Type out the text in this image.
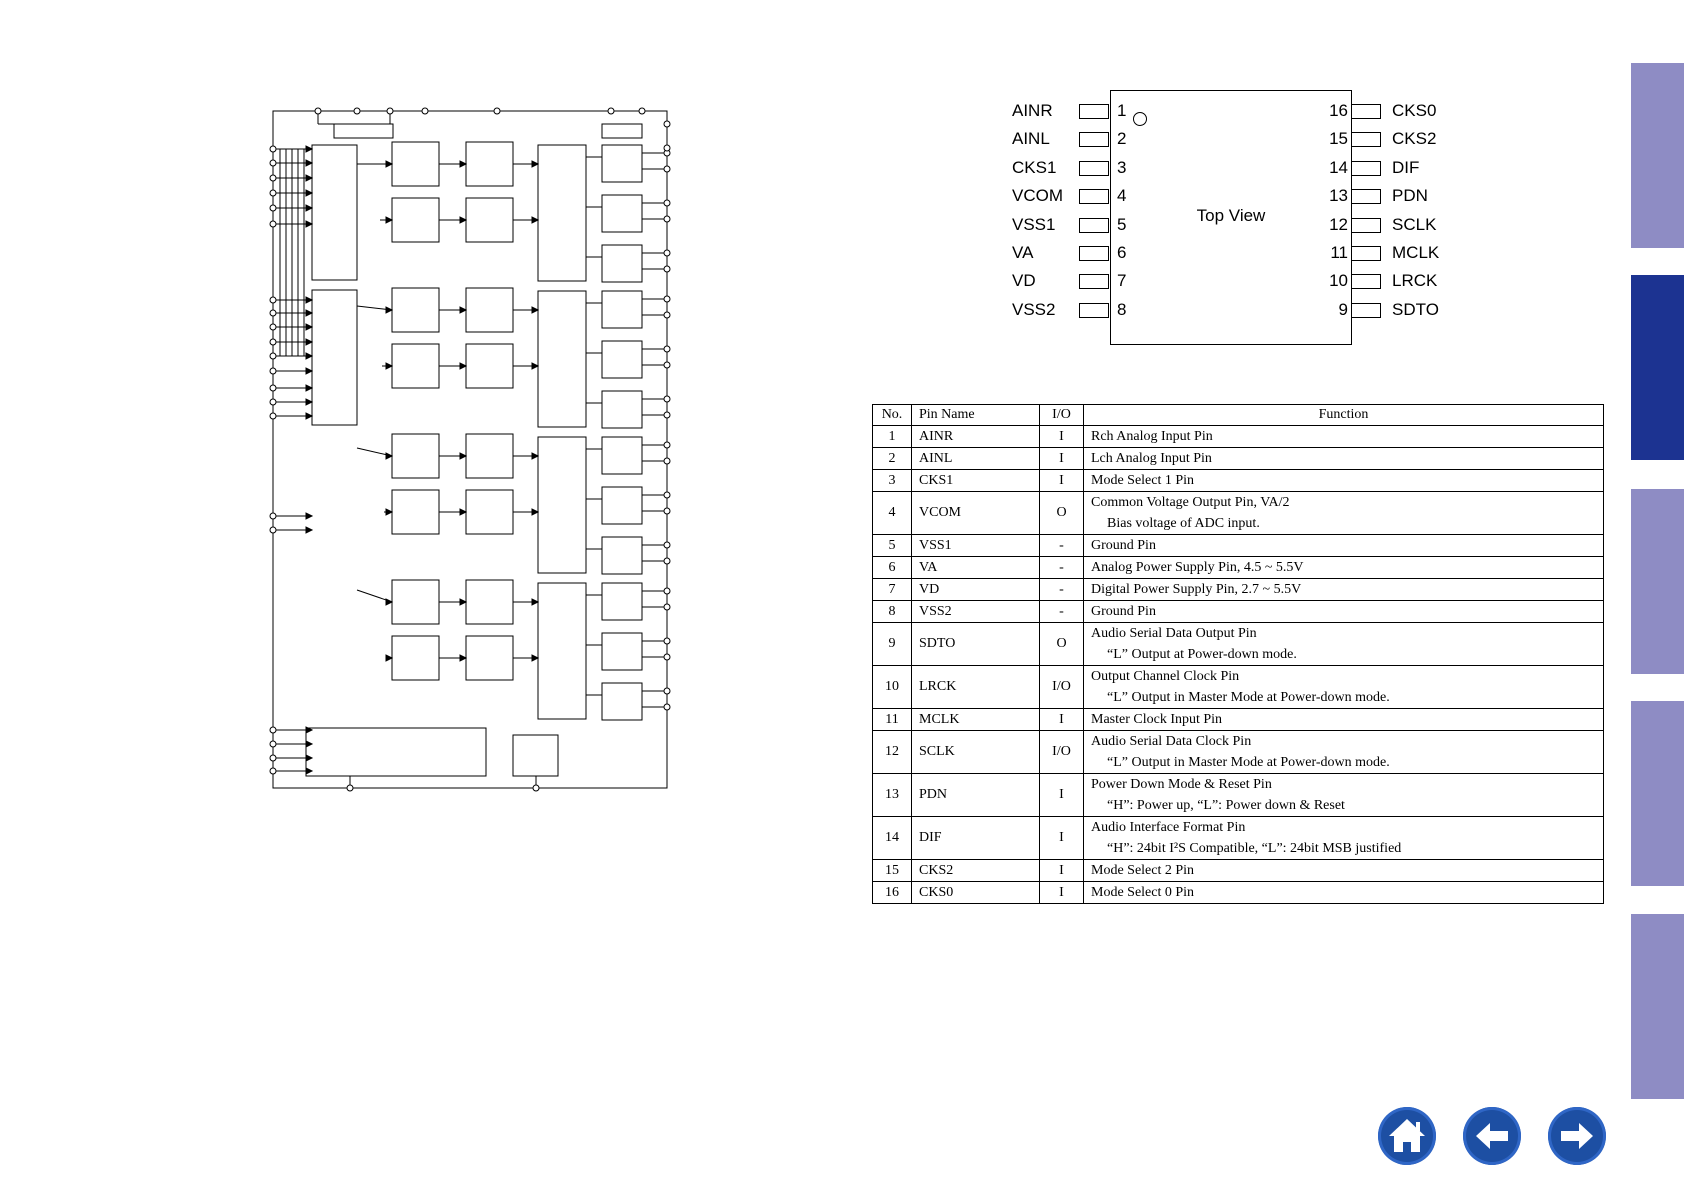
Top View
AINR	1
AINL	2
CKS1	3
VCOM	4
VSS1	5
VA	6
VD	7
VSS2	8
CKS0
16
CKS2
15
DIF
14
PDN
13
SCLK
12
MCLK
11
LRCK
10
SDTO
9
No.	Pin Name	I/O	Function
1	AINR	I	Rch Analog Input Pin
2	AINL	I	Lch Analog Input Pin
3	CKS1	I	Mode Select 1 Pin
4	VCOM	O	Common Voltage Output Pin, VA/2
Bias voltage of ADC input.

5	VSS1	-	Ground Pin
6	VA	-	Analog Power Supply Pin, 4.5 ~ 5.5V
7	VD	-	Digital Power Supply Pin, 2.7 ~ 5.5V
8	VSS2	-	Ground Pin
9	SDTO	O	Audio Serial Data Output Pin
“L” Output at Power-down mode.

10	LRCK	I/O	Output Channel Clock Pin
“L” Output in Master Mode at Power-down mode.

11	MCLK	I	Master Clock Input Pin
12	SCLK	I/O	Audio Serial Data Clock Pin
“L” Output in Master Mode at Power-down mode.

13	PDN	I	Power Down Mode & Reset Pin
“H”: Power up, “L”: Power down & Reset

14	DIF	I	Audio Interface Format Pin
“H”: 24bit I²S Compatible, “L”: 24bit MSB justified

15	CKS2	I	Mode Select 2 Pin
16	CKS0	I	Mode Select 0 Pin
